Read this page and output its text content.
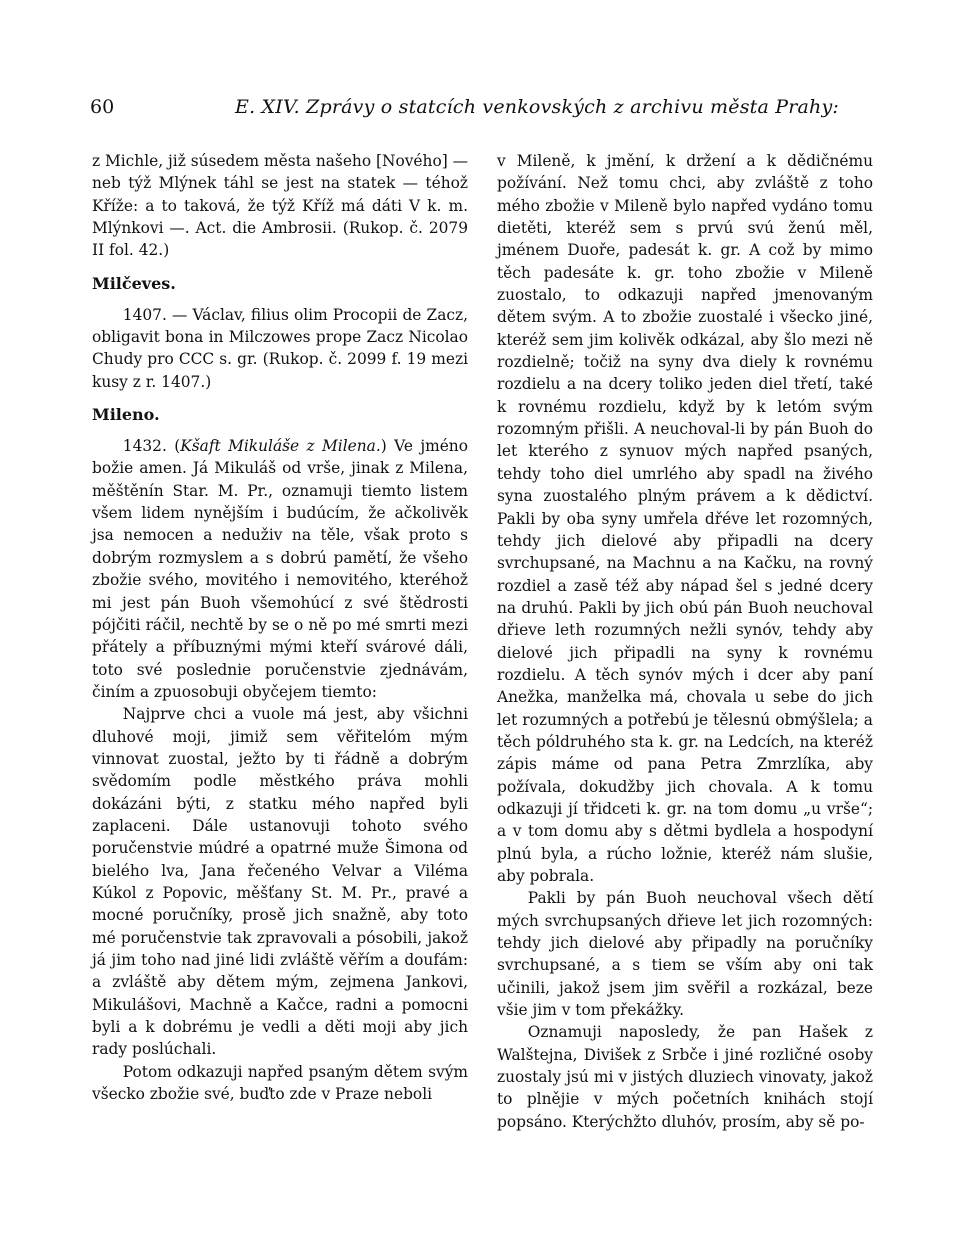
60	E. XIV. Zprávy o statcích venkovských z archivu města Prahy:

z Michle, již súsedem města našeho [Nového] — neb týž Mlýnek táhl se jest na statek — téhož Kříže: a to taková, že týž Kříž má dáti V k. m. Mlýnkovi —. Act. die Ambrosii. (Rukop. č. 2079 II fol. 42.)

Milčeves.

1407. — Václav, filius olim Procopii de Zacz, obligavit bona in Milczowes prope Zacz Nicolao Chudy pro CCC s. gr. (Rukop. č. 2099 f. 19 mezi kusy z r. 1407.)

Mileno.

1432. (Kšaft Mikuláše z Milena.) Ve jméno božie amen. Já Mikuláš od vrše, jinak z Milena, měštěnín Star. M. Pr., oznamuji tiemto listem všem lidem nynějším i budúcím, že ačkolivěk jsa nemocen a neduživ na těle, však proto s dobrým rozmyslem a s dobrú pamětí, že všeho zbožie svého, movitého i nemovitého, kteréhož mi jest pán Buoh všemohúcí z své štědrosti pójčiti ráčil, nechtě by se o ně po mé smrti mezi přátely a příbuznými mými kteří svárové dáli, toto své poslednie poručenstvie zjednávám, činím a zpuosobuji obyčejem tiemto:

Najprve chci a vuole má jest, aby všichni dluhové moji, jimiž sem věřitelóm mým vinnovat zuostal, ježto by ti řádně a dobrým svědomím podle městkého práva mohli dokázáni býti, z statku mého napřed byli zaplaceni. Dále ustanovuji tohoto svého poručenstvie múdré a opatrné muže Šimona od bielého lva, Jana řečeného Velvar a Viléma Kúkol z Popovic, měšťany St. M. Pr., pravé a mocné poručníky, prosě jich snažně, aby toto mé poručenstvie tak zpravovali a pósobili, jakož já jim toho nad jiné lidi zvláště věřím a doufám: a zvláště aby dětem mým, zejmena Jankovi, Mikulášovi, Machně a Kačce, radni a pomocni byli a k dobrému je vedli a děti moji aby jich rady poslúchali.

Potom odkazuji napřed psaným dětem svým všecko zbožie své, buďto zde v Praze neboli

v Mileně, k jmění, k držení a k dědičnému požívání. Než tomu chci, aby zvláště z toho mého zbožie v Mileně bylo napřed vydáno tomu dietěti, kteréž sem s prvú svú ženú měl, jménem Duoře, padesát k. gr. A což by mimo těch padesáte k. gr. toho zbožie v Mileně zuostalo, to odkazuji napřed jmenovaným dětem svým. A to zbožie zuostalé i všecko jiné, kteréž sem jim kolivěk odkázal, aby šlo mezi ně rozdielně; točiž na syny dva diely k rovnému rozdielu a na dcery toliko jeden diel třetí, také k rovnému rozdielu, když by k letóm svým rozomným přišli. A neuchoval-li by pán Buoh do let kterého z synuov mých napřed psaných, tehdy toho diel umrlého aby spadl na živého syna zuostalého plným právem a k dědictví. Pakli by oba syny umřela dřéve let rozomných, tehdy jich dielové aby připadli na dcery svrchupsané, na Machnu a na Kačku, na rovný rozdiel a zasě též aby nápad šel s jedné dcery na druhú. Pakli by jich obú pán Buoh neuchoval dřieve leth rozumných nežli synóv, tehdy aby dielové jich připadli na syny k rovnému rozdielu. A těch synóv mých i dcer aby paní Anežka, manželka má, chovala u sebe do jich let rozumných a potřebú je tělesnú obmýšlela; a těch póldruhého sta k. gr. na Ledcích, na kteréž zápis máme od pana Petra Zmrzlíka, aby požívala, dokudžby jich chovala. A k tomu odkazuji jí třidceti k. gr. na tom domu „u vrše“; a v tom domu aby s dětmi bydlela a hospodyní plnú byla, a rúcho ložnie, kteréž nám slušie, aby pobrala.

Pakli by pán Buoh neuchoval všech dětí mých svrchupsaných dřieve let jich rozomných: tehdy jich dielové aby připadly na poručníky svrchupsané, a s tiem se vším aby oni tak učinili, jakož jsem jim svěřil a rozkázal, beze všie jim v tom překážky.

Oznamuji naposledy, že pan Hašek z Walštejna, Divišek z Srbče i jiné rozličné osoby zuostaly jsú mi v jistých dluziech vinovaty, jakož to plnějie v mých početních knihách stojí popsáno. Kterýchžto dluhóv, prosím, aby sě po-
